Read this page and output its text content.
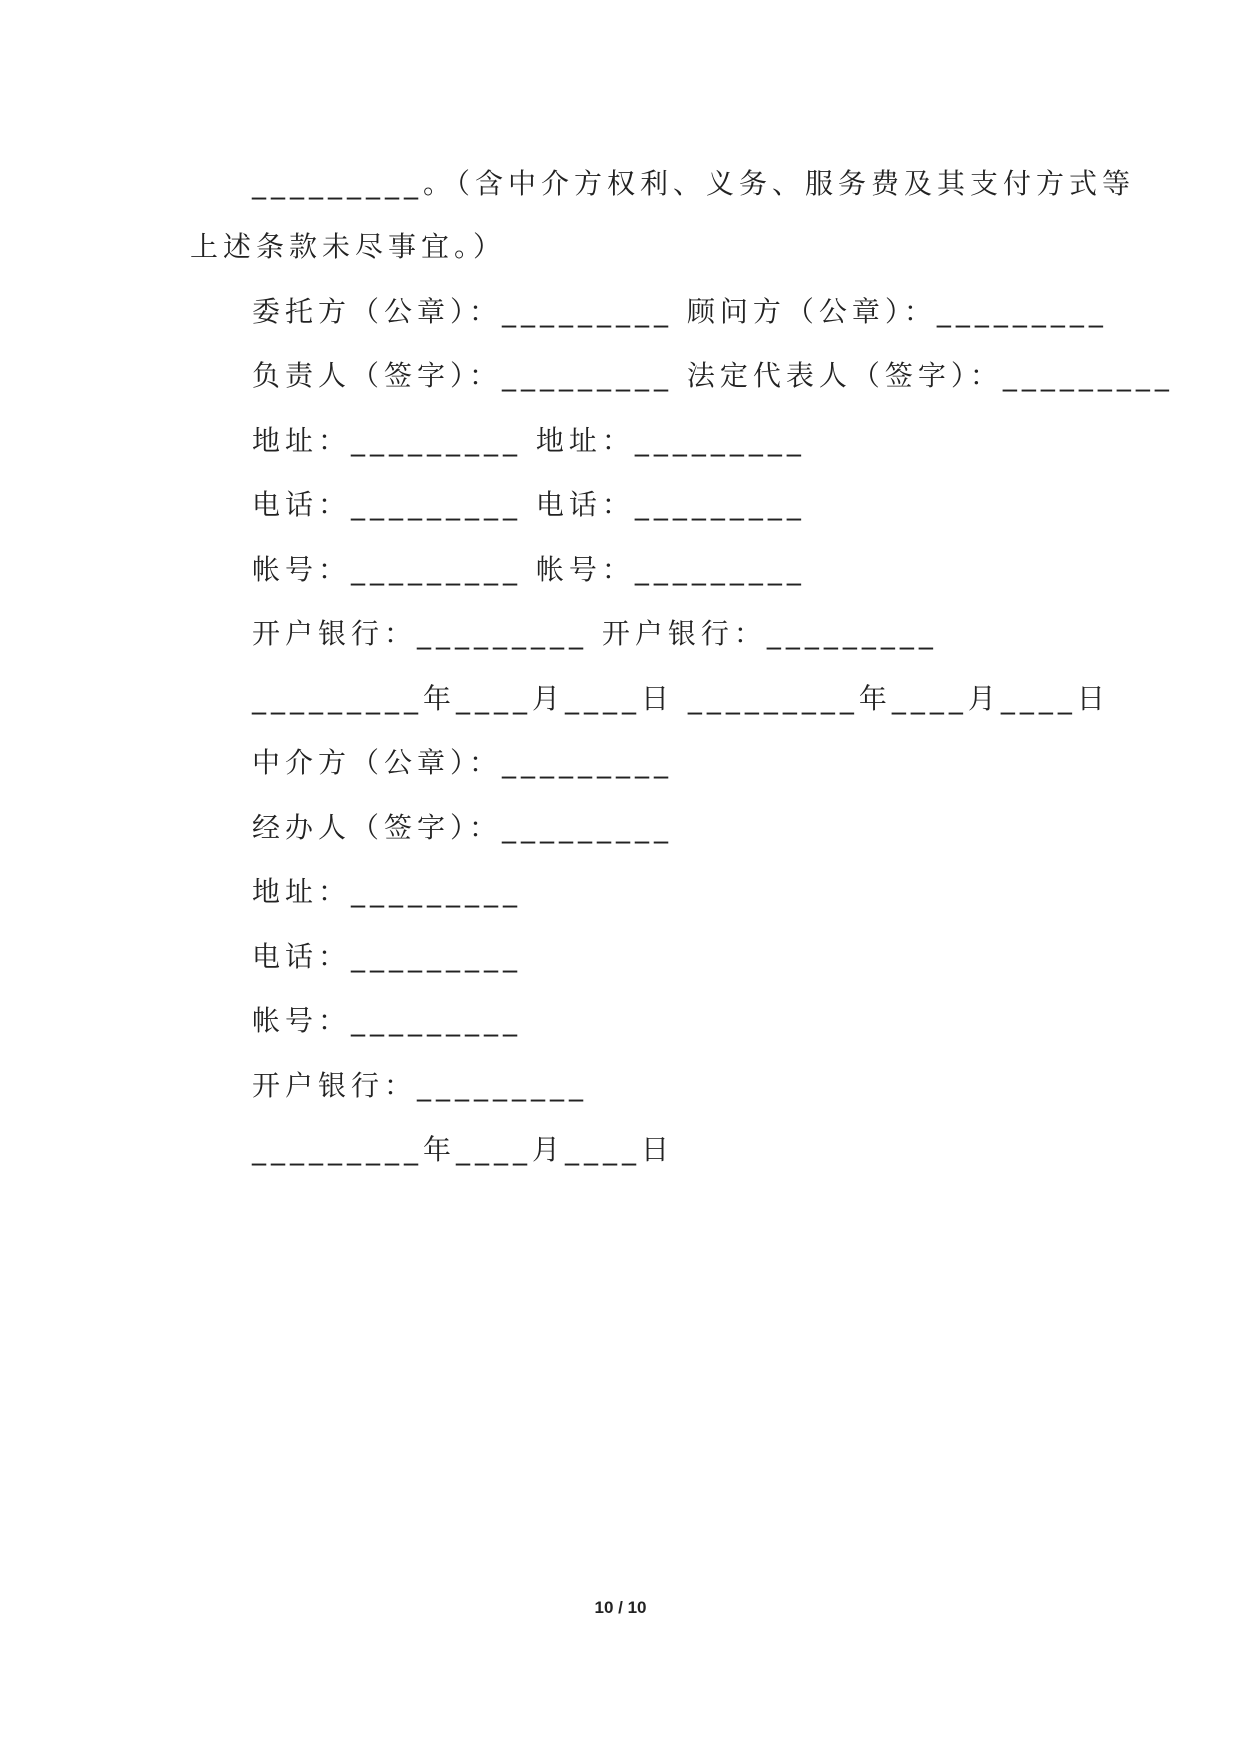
_________。（含中介方权利、义务、服务费及其支付方式等
上述条款未尽事宜。）
委托方（公章）：_________ 顾问方（公章）：_________
负责人（签字）：_________ 法定代表人（签字）：_________
地址：_________ 地址：_________
电话：_________ 电话：_________
帐号：_________ 帐号：_________
开户银行：_________ 开户银行：_________
_________年____月____日 _________年____月____日
中介方（公章）：_________
经办人（签字）：_________
地址：_________
电话：_________
帐号：_________
开户银行：_________
_________年____月____日
10 / 10
